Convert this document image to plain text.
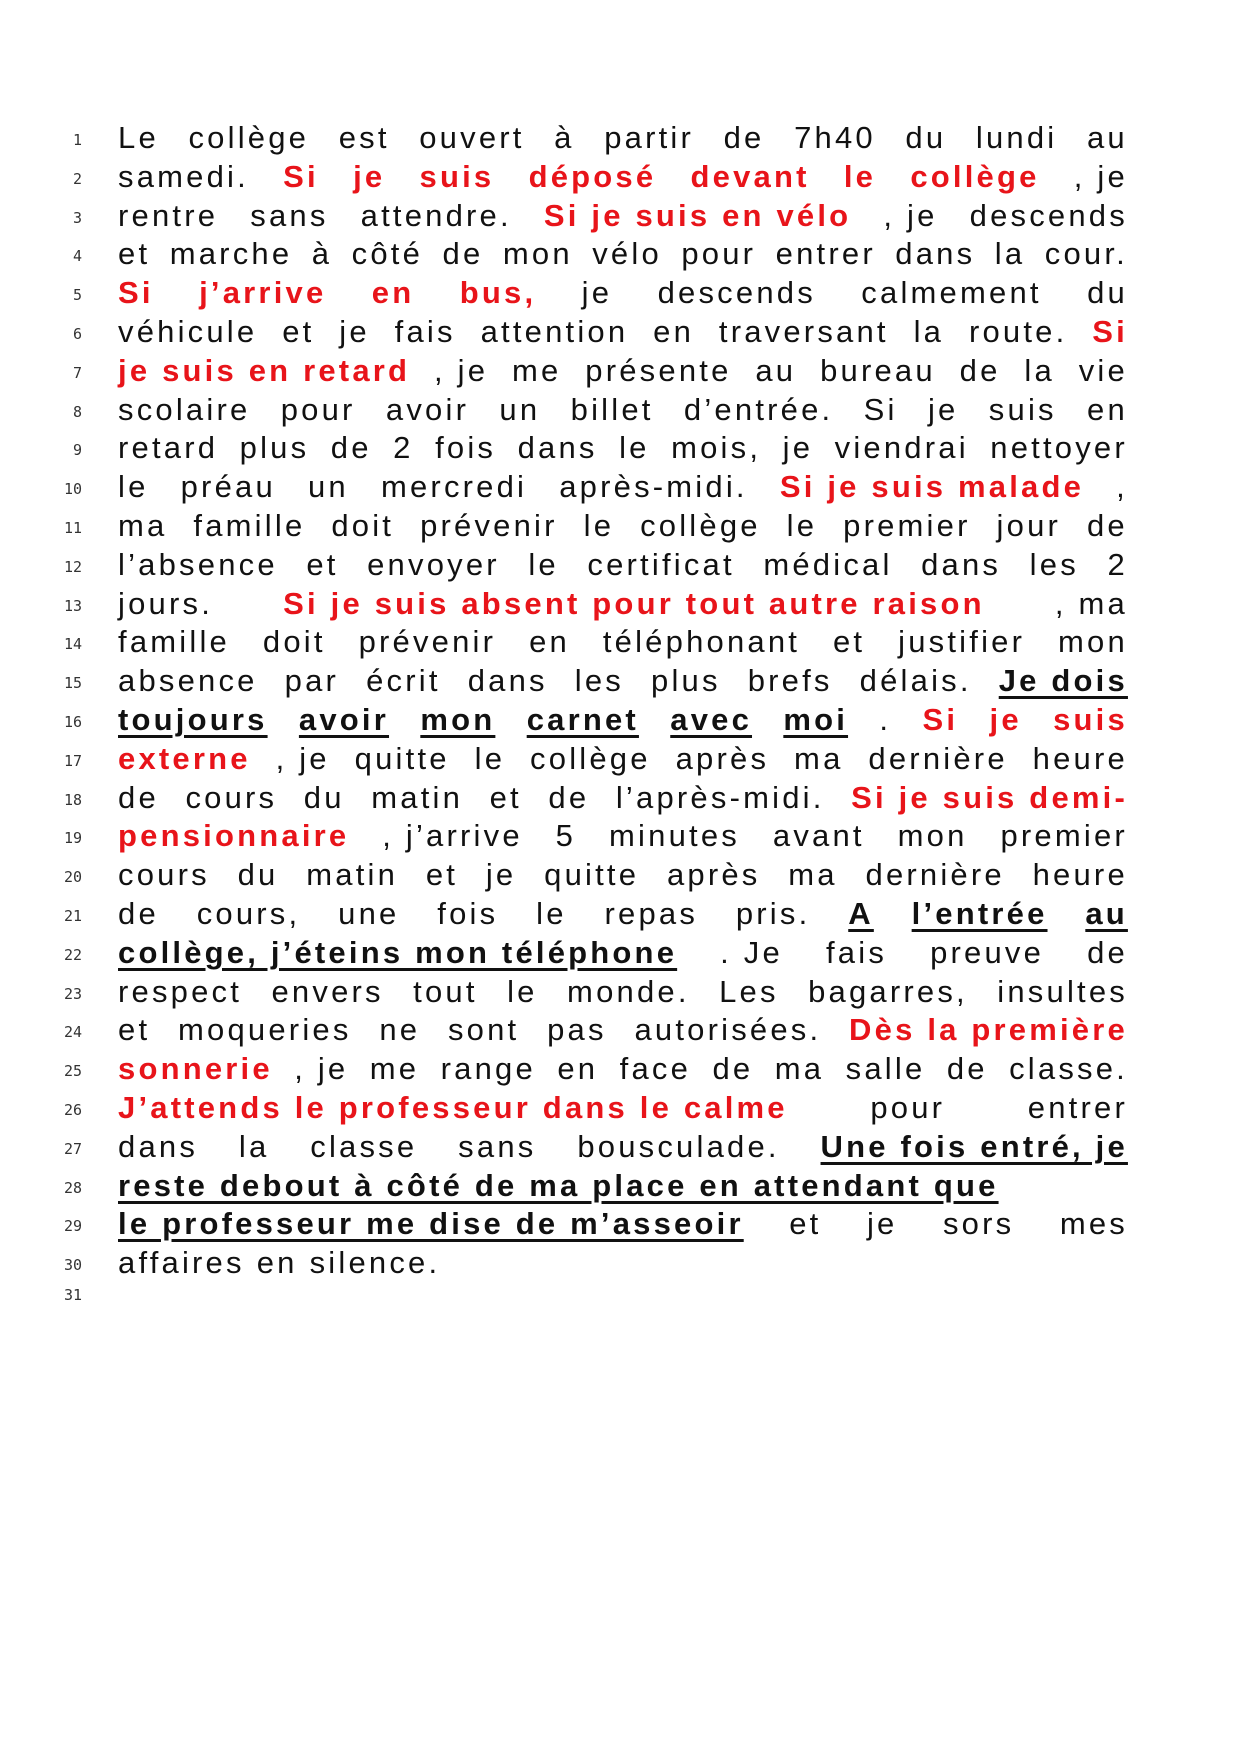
1
2
3
4
5
6
7
8
9
10
11
12
13
14
15
16
17
18
19
20
21
22
23
24
25
26
27
28
29
30
31
Le collège est ouvert à partir de 7h40 du lundi au
samedi. Si je suis déposé devant le collège , je
rentre sans attendre. Si je suis en vélo , je descends
et marche à côté de mon vélo pour entrer dans la cour.
Si j’arrive en bus, je descends calmement du
véhicule et je fais attention en traversant la route. Si
je suis en retard , je me présente au bureau de la vie
scolaire pour avoir un billet d’entrée. Si je suis en
retard plus de 2 fois dans le mois, je viendrai nettoyer
le préau un mercredi après-midi. Si je suis malade ,
ma famille doit prévenir le collège le premier jour de
l’absence et envoyer le certificat médical dans les 2
jours. Si je suis absent pour tout autre raison , ma
famille doit prévenir en téléphonant et justifier mon
absence par écrit dans les plus brefs délais. Je dois
toujours avoir mon carnet avec moi . Si je suis
externe , je quitte le collège après ma dernière heure
de cours du matin et de l’après-midi. Si je suis demi-
pensionnaire , j’arrive 5 minutes avant mon premier
cours du matin et je quitte après ma dernière heure
de cours, une fois le repas pris. A l’entrée au
collège, j’éteins mon téléphone . Je fais preuve de
respect envers tout le monde. Les bagarres, insultes
et moqueries ne sont pas autorisées. Dès la première
sonnerie , je me range en face de ma salle de classe.
J’attends le professeur dans le calme	pour	entrer
dans la classe sans bousculade. Une fois entré, je
reste debout à côté de ma place en attendant que
le professeur me dise de m’asseoir et je sors mes
affaires en silence.
